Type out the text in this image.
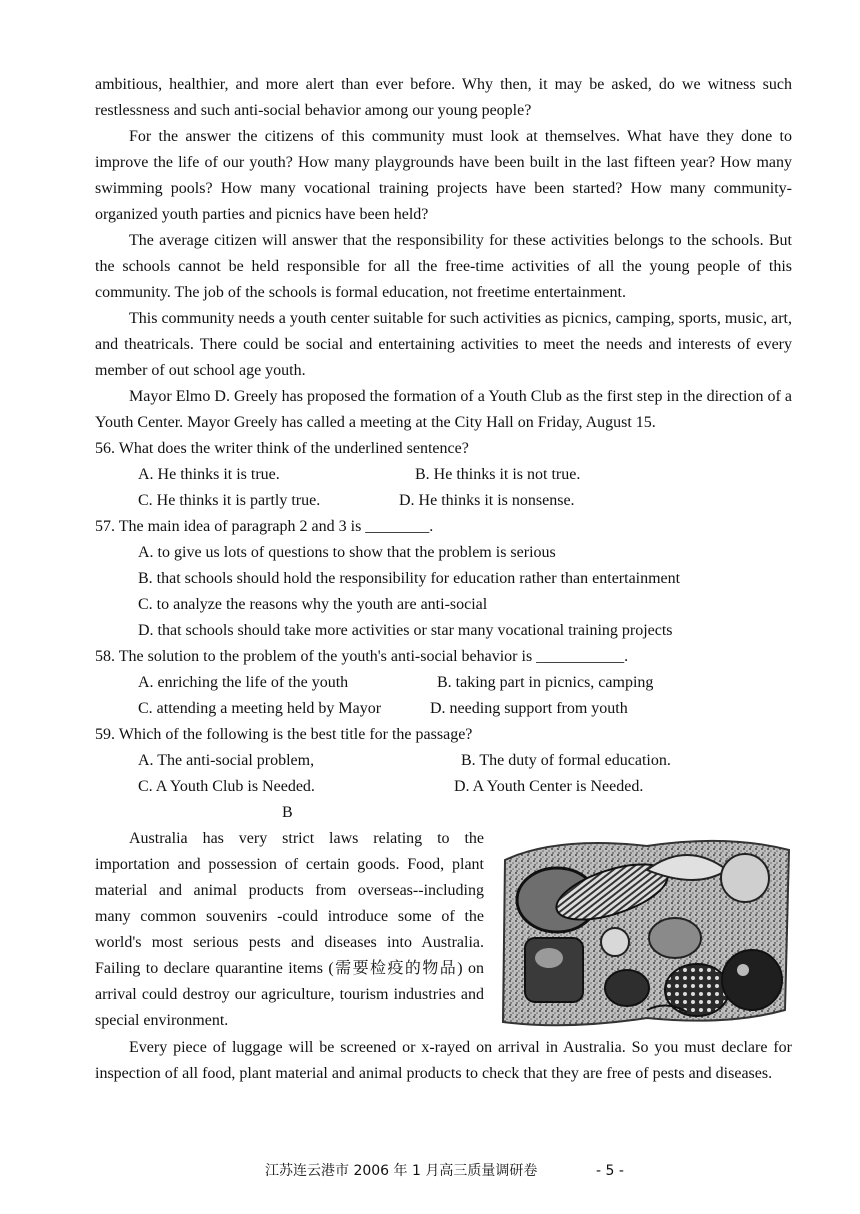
ambitious, healthier, and more alert than ever before. Why then, it may be asked, do we witness such restlessness and such anti-social behavior among our young people?

For the answer the citizens of this community must look at themselves. What have they done to improve the life of our youth? How many playgrounds have been built in the last fifteen year? How many swimming pools? How many vocational training projects have been started? How many community-organized youth parties and picnics have been held?

The average citizen will answer that the responsibility for these activities belongs to the schools. But the schools cannot be held responsible for all the free-time activities of all the young people of this community. The job of the schools is formal education, not freetime entertainment.

This community needs a youth center suitable for such activities as picnics, camping, sports, music, art, and theatricals. There could be social and entertaining activities to meet the needs and interests of every member of out school age youth.

Mayor Elmo D. Greely has proposed the formation of a Youth Club as the first step in the direction of a Youth Center. Mayor Greely has called a meeting at the City Hall on Friday, August 15.

56. What does the writer think of the underlined sentence?

A. He thinks it is true.	B. He thinks it is not true.
C. He thinks it is partly true.	D. He thinks it is nonsense.

57. The main idea of paragraph 2 and 3 is ________.

A. to give us lots of questions to show that the problem is serious
B. that schools should hold the responsibility for education rather than entertainment
C. to analyze the reasons why the youth are anti-social
D. that schools should take more activities or star many vocational training projects

58. The solution to the problem of the youth's anti-social behavior is ___________.

A. enriching the life of the youth	B. taking part in picnics, camping
C. attending a meeting held by Mayor	D. needing support from youth

59. Which of the following is the best title for the passage?

A. The anti-social problem,	B. The duty of formal education.
C. A Youth Club is Needed.	D. A Youth Center is Needed.
B

Australia has very strict laws relating to the importation and possession of certain goods. Food, plant material and animal products from overseas--including many common souvenirs -could introduce some of the world's most serious pests and diseases into Australia. Failing to declare quarantine items (需要检疫的物品) on arrival could destroy our agriculture, tourism industries and special environment.

Every piece of luggage will be screened or x-rayed on arrival in Australia. So you must declare for inspection of all food, plant material and animal products to check that they are free of pests and diseases.

江苏连云港市 2006 年 1 月高三质量调研卷	- 5 -
